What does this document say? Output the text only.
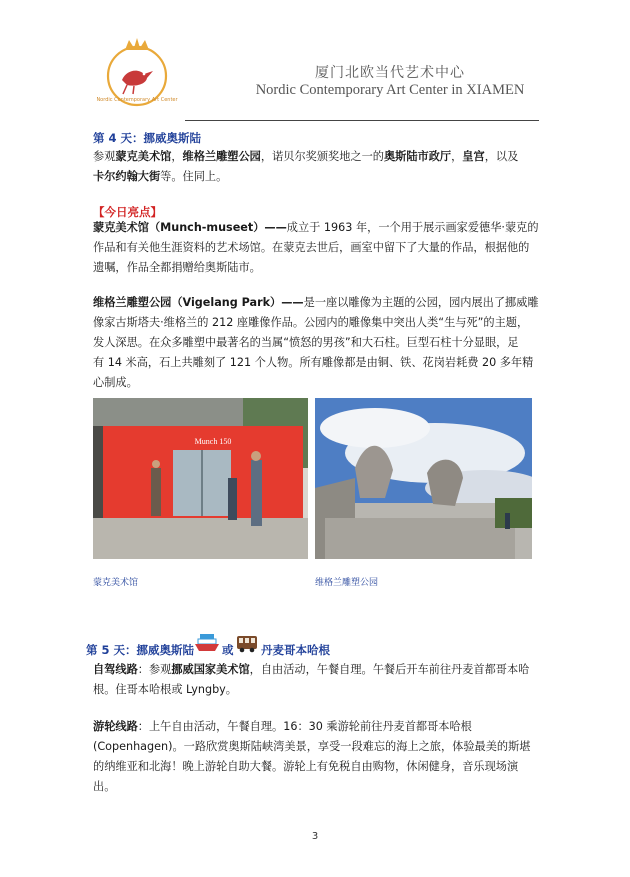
Nordic Contemporary Art Center
厦门北欧当代艺术中心
Nordic Contemporary Art Center in XIAMEN
第 4 天：挪威奥斯陆
参观蒙克美术馆，维格兰雕塑公园，诺贝尔奖颁奖地之一的奥斯陆市政厅，皇宫，以及
卡尔约翰大街等。住同上。
【今日亮点】
蒙克美术馆（Munch-museet）——成立于 1963 年，一个用于展示画家爱德华·蒙克的
作品和有关他生涯资料的艺术场馆。在蒙克去世后，画室中留下了大量的作品，根据他的
遗嘱，作品全都捐赠给奥斯陆市。
维格兰雕塑公园（Vigelang Park）——是一座以雕像为主题的公园，园内展出了挪威雕
像家古斯塔夫·维格兰的 212 座雕像作品。公园内的雕像集中突出人类“生与死”的主题，
发人深思。在众多雕塑中最著名的当属“愤怒的男孩”和大石柱。巨型石柱十分显眼，足
有 14 米高，石上共雕刻了 121 个人物。所有雕像都是由铜、铁、花岗岩耗费 20 多年精
心制成。
Munch 150
蒙克美术馆	维格兰雕塑公园
第 5 天：挪威奥斯陆 或 丹麦哥本哈根
自驾线路：参观挪威国家美术馆，自由活动，午餐自理。午餐后开车前往丹麦首都哥本哈
根。住哥本哈根或 Lyngby。
游轮线路：上午自由活动，午餐自理。16：30 乘游轮前往丹麦首都哥本哈根
(Copenhagen)。一路欣赏奥斯陆峡湾美景，享受一段难忘的海上之旅，体验最美的斯堪
的纳维亚和北海！晚上游轮自助大餐。游轮上有免税自由购物，休闲健身，音乐现场演
出。
3
